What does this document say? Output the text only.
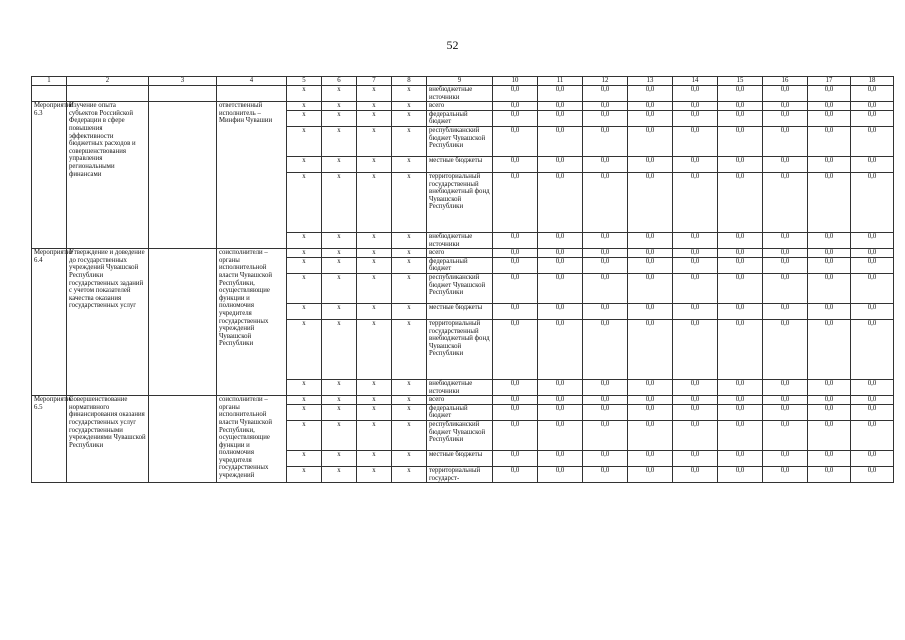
52
1	2	3	4	5	6	7	8	9	10	11	12	13	14	15	16	17	18
				x	x	x	x	внебюджетные источники	0,0	0,0	0,0	0,0	0,0	0,0	0,0	0,0	0,0
Мероприятие 6.3	Изучение опыта субъектов Российской Федерации в сфере повышения эффективности бюджетных расходов и совершенствования управления региональными финансами		ответственный исполнитель – Минфин Чувашии	x	x	x	x	всего	0,0	0,0	0,0	0,0	0,0	0,0	0,0	0,0	0,0
				x	x	x	x	федеральный бюджет	0,0	0,0	0,0	0,0	0,0	0,0	0,0	0,0	0,0
				x	x	x	x	республиканский бюджет Чувашской Республики	0,0	0,0	0,0	0,0	0,0	0,0	0,0	0,0	0,0
				x	x	x	x	местные бюджеты	0,0	0,0	0,0	0,0	0,0	0,0	0,0	0,0	0,0
				x	x	x	x	территориальный государственный внебюджетный фонд Чувашской Республики	0,0	0,0	0,0	0,0	0,0	0,0	0,0	0,0	0,0
				x	x	x	x	внебюджетные источники	0,0	0,0	0,0	0,0	0,0	0,0	0,0	0,0	0,0
Мероприятие 6.4	Утверждение и доведение до государственных учреждений Чувашской Республики государственных заданий с учетом показателей качества оказания государственных услуг		соисполнители – органы исполнительной власти Чувашской Республики, осуществляющие функции и полномочия учредителя государственных учреждений Чувашской Республики	x	x	x	x	всего	0,0	0,0	0,0	0,0	0,0	0,0	0,0	0,0	0,0
				x	x	x	x	федеральный бюджет	0,0	0,0	0,0	0,0	0,0	0,0	0,0	0,0	0,0
				x	x	x	x	республиканский бюджет Чувашской Республики	0,0	0,0	0,0	0,0	0,0	0,0	0,0	0,0	0,0
				x	x	x	x	местные бюджеты	0,0	0,0	0,0	0,0	0,0	0,0	0,0	0,0	0,0
				x	x	x	x	территориальный государственный внебюджетный фонд Чувашской Республики	0,0	0,0	0,0	0,0	0,0	0,0	0,0	0,0	0,0
				x	x	x	x	внебюджетные источники	0,0	0,0	0,0	0,0	0,0	0,0	0,0	0,0	0,0
Мероприятие 6.5	Совершенствование нормативного финансирования оказания государственных услуг государственными учреждениями Чувашской Республики		соисполнители – органы исполнительной власти Чувашской Республики, осуществляющие функции и полномочия учредителя государственных учреждений	x	x	x	x	всего	0,0	0,0	0,0	0,0	0,0	0,0	0,0	0,0	0,0
				x	x	x	x	федеральный бюджет	0,0	0,0	0,0	0,0	0,0	0,0	0,0	0,0	0,0
				x	x	x	x	республиканский бюджет Чувашской Республики	0,0	0,0	0,0	0,0	0,0	0,0	0,0	0,0	0,0
				x	x	x	x	местные бюджеты	0,0	0,0	0,0	0,0	0,0	0,0	0,0	0,0	0,0
				x	x	x	x	территориальный государст-	0,0	0,0	0,0	0,0	0,0	0,0	0,0	0,0	0,0
